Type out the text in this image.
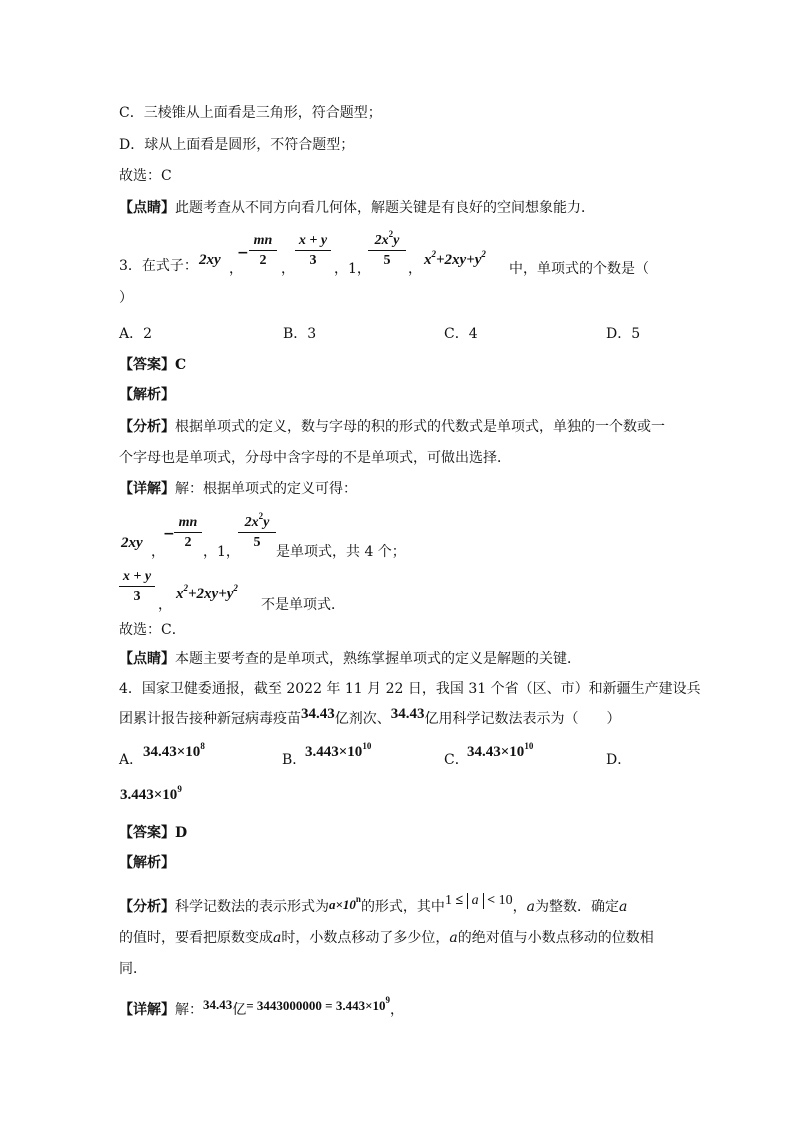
C．三棱锥从上面看是三角形，符合题型；
D．球从上面看是圆形，不符合题型；
故选：C
【点睛】此题考查从不同方向看几何体，解题关键是有良好的空间想象能力．
3．在式子： 2xy
，
− $\frac{mn}{2}$ ， $\frac{x + y}{3}$ ，1，
$\frac{2x^2y}{5}$ ，
$x^2+2xy+y^2$
中，单项式的个数是（
）
A．2	B．3	C．4	D．5
【答案】C
【解析】
【分析】根据单项式的定义，数与字母的积的形式的代数式是单项式，单独的一个数或一
个字母也是单项式，分母中含字母的不是单项式，可做出选择．
【详解】解：根据单项式的定义可得：
2xy
，
− $\frac{mn}{2}$ ，1，
$\frac{2x^2y}{5}$ 是单项式，共 4 个；
$\frac{x + y}{3}$ ，
$x^2+2xy+y^2$
不是单项式．
故选：C．
【点睛】本题主要考查的是单项式，熟练掌握单项式的定义是解题的关键．
4．国家卫健委通报，截至 2022 年 11 月 22 日，我国 31 个省（区、市）和新疆生产建设兵
团累计报告接种新冠病毒疫苗34.43亿剂次、34.43亿用科学记数法表示为（　　）
A． $34.43\times 10^8$
B．
$3.443\times 10^{10}$
C．
$34.43\times 10^{10}$
D．
$3.443\times 10^9$
【答案】D
【解析】
【分析】科学记数法的表示形式为$a\times 10^n$的形式，其中1 ≤ a < 10，a为整数．确定a
的值时，要看把原数变成a时，小数点移动了多少位，a的绝对值与小数点移动的位数相
同．
【详解】解：34.43亿= $3443000000 = 3.443\times 10^9$，
